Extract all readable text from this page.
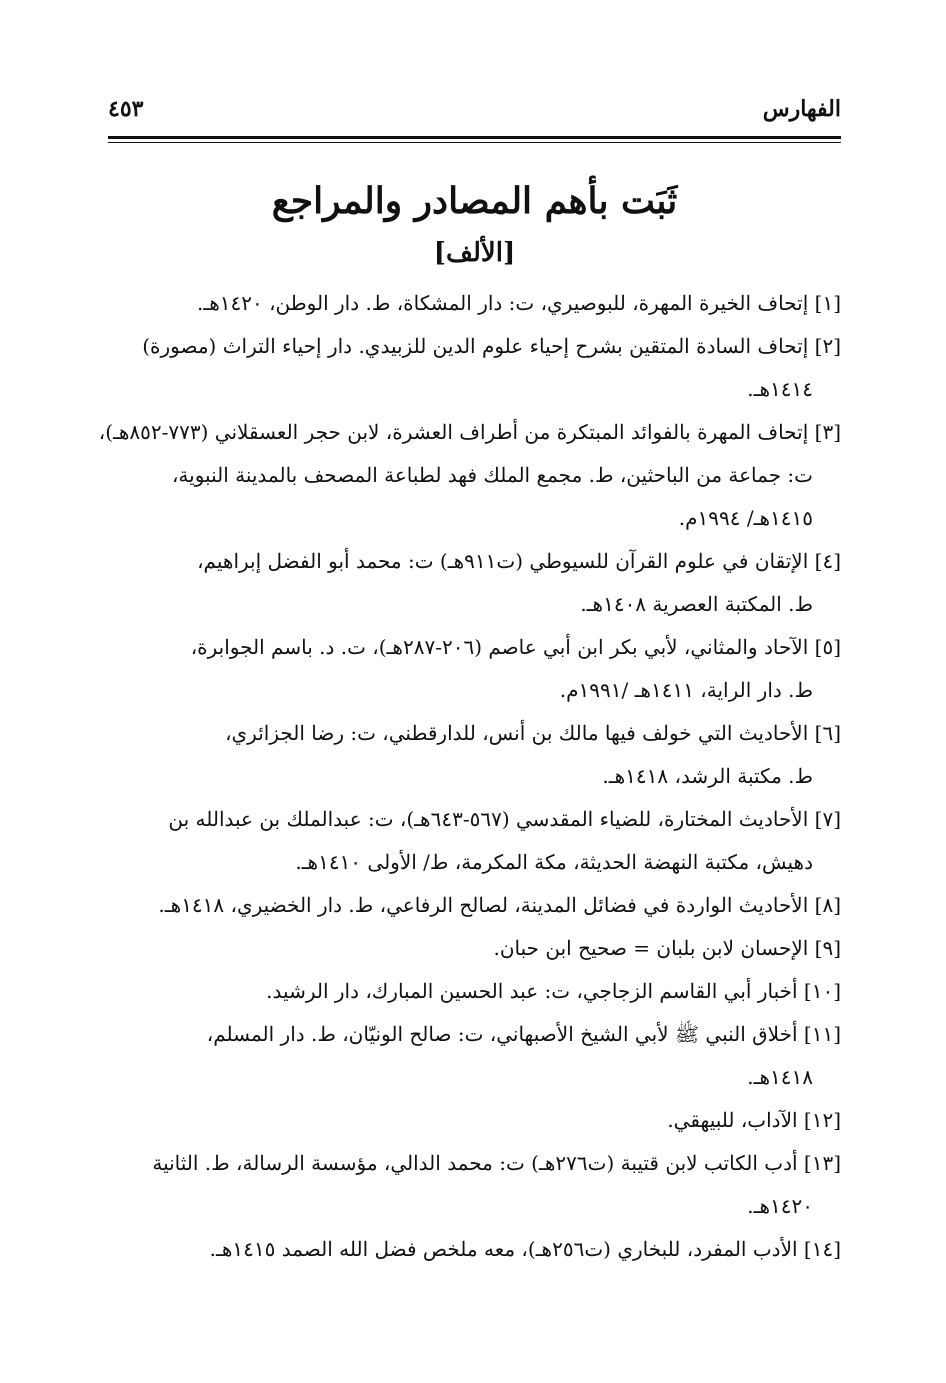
الفهارس
٤٥٣
ثَبَت بأهم المصادر والمراجع
[الألف]
[١] إتحاف الخيرة المهرة، للبوصيري، ت: دار المشكاة، ط. دار الوطن، ١٤٢٠هـ.
[٢] إتحاف السادة المتقين بشرح إحياء علوم الدين للزبيدي. دار إحياء التراث (مصورة)
١٤١٤هـ.
[٣] إتحاف المهرة بالفوائد المبتكرة من أطراف العشرة، لابن حجر العسقلاني (٧٧٣-٨٥٢هـ)،
ت: جماعة من الباحثين، ط. مجمع الملك فهد لطباعة المصحف بالمدينة النبوية،
١٤١٥هـ/ ١٩٩٤م.
[٤] الإتقان في علوم القرآن للسيوطي (ت٩١١هـ) ت: محمد أبو الفضل إبراهيم،
ط. المكتبة العصرية ١٤٠٨هـ.
[٥] الآحاد والمثاني، لأبي بكر ابن أبي عاصم (٢٠٦-٢٨٧هـ)، ت. د. باسم الجوابرة،
ط. دار الراية، ١٤١١هـ /١٩٩١م.
[٦] الأحاديث التي خولف فيها مالك بن أنس، للدارقطني، ت: رضا الجزائري،
ط. مكتبة الرشد، ١٤١٨هـ.
[٧] الأحاديث المختارة، للضياء المقدسي (٥٦٧-٦٤٣هـ)، ت: عبدالملك بن عبدالله بن
دهيش، مكتبة النهضة الحديثة، مكة المكرمة، ط/ الأولى ١٤١٠هـ.
[٨] الأحاديث الواردة في فضائل المدينة، لصالح الرفاعي، ط. دار الخضيري، ١٤١٨هـ.
[٩] الإحسان لابن بلبان = صحيح ابن حبان.
[١٠] أخبار أبي القاسم الزجاجي، ت: عبد الحسين المبارك، دار الرشيد.
[١١] أخلاق النبي ﷺ لأبي الشيخ الأصبهاني، ت: صالح الونيّان، ط. دار المسلم،
١٤١٨هـ.
[١٢] الآداب، للبيهقي.
[١٣] أدب الكاتب لابن قتيبة (ت٢٧٦هـ) ت: محمد الدالي، مؤسسة الرسالة، ط. الثانية
١٤٢٠هـ.
[١٤] الأدب المفرد، للبخاري (ت٢٥٦هـ)، معه ملخص فضل الله الصمد ١٤١٥هـ.
